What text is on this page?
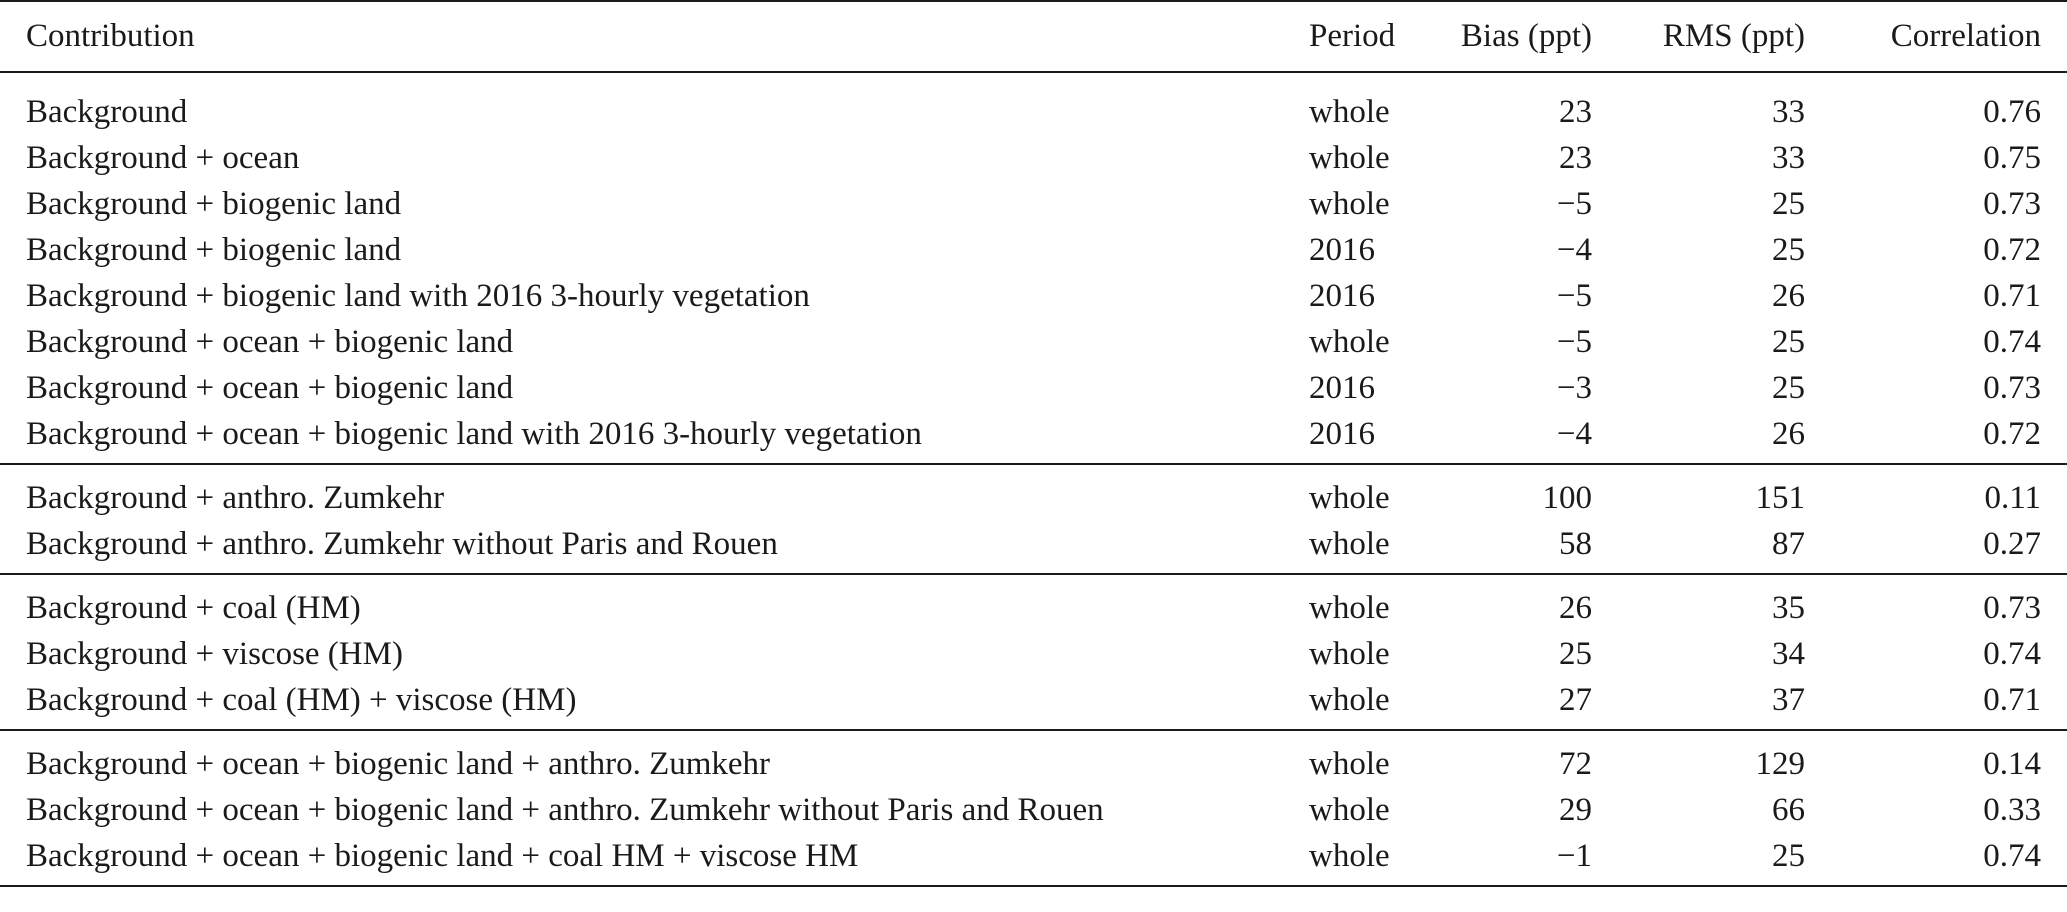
Contribution	Period	Bias (ppt)	RMS (ppt)	Correlation
Background	whole	23	33	0.76
Background + ocean	whole	23	33	0.75
Background + biogenic land	whole	−5	25	0.73
Background + biogenic land	2016	−4	25	0.72
Background + biogenic land with 2016 3-hourly vegetation	2016	−5	26	0.71
Background + ocean + biogenic land	whole	−5	25	0.74
Background + ocean + biogenic land	2016	−3	25	0.73
Background + ocean + biogenic land with 2016 3-hourly vegetation	2016	−4	26	0.72
Background + anthro. Zumkehr	whole	100	151	0.11
Background + anthro. Zumkehr without Paris and Rouen	whole	58	87	0.27
Background + coal (HM)	whole	26	35	0.73
Background + viscose (HM)	whole	25	34	0.74
Background + coal (HM) + viscose (HM)	whole	27	37	0.71
Background + ocean + biogenic land + anthro. Zumkehr	whole	72	129	0.14
Background + ocean + biogenic land + anthro. Zumkehr without Paris and Rouen	whole	29	66	0.33
Background + ocean + biogenic land + coal HM + viscose HM	whole	−1	25	0.74
